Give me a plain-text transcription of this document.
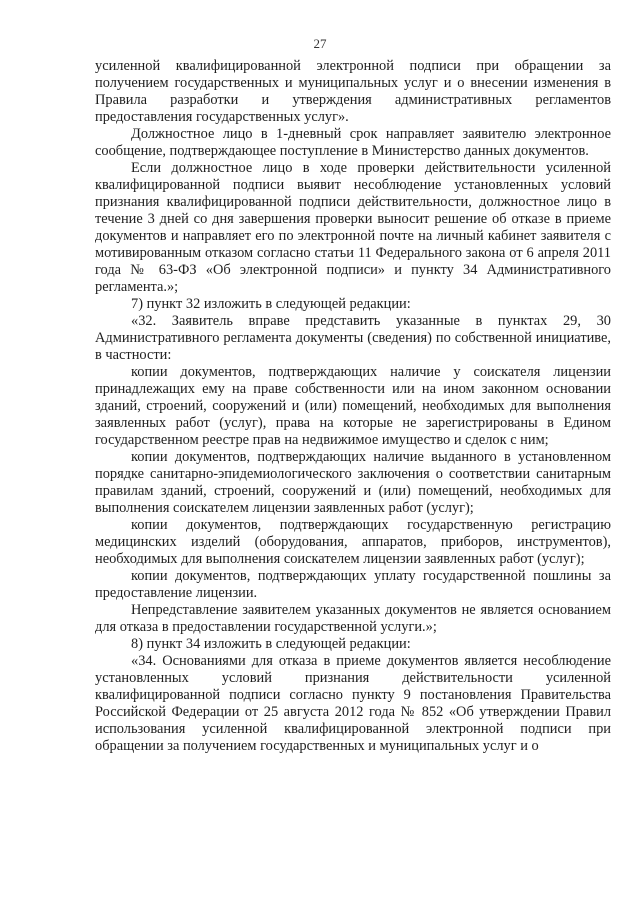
27

усиленной квалифицированной электронной подписи при обращении за получением государственных и муниципальных услуг и о внесении изменения в Правила разработки и утверждения административных регламентов предоставления государственных услуг».

Должностное лицо в 1-дневный срок направляет заявителю электронное сообщение, подтверждающее поступление в Министерство данных документов.

Если должностное лицо в ходе проверки действительности усиленной квалифицированной подписи выявит несоблюдение установленных условий признания квалифицированной подписи действительности, должностное лицо в течение 3 дней со дня завершения проверки выносит решение об отказе в приеме документов и направляет его по электронной почте на личный кабинет заявителя с мотивированным отказом согласно статьи 11 Федерального закона от 6 апреля 2011 года № 63-ФЗ «Об электронной подписи» и пункту 34 Административного регламента.»;

7) пункт 32 изложить в следующей редакции:

«32. Заявитель вправе представить указанные в пунктах 29, 30 Административного регламента документы (сведения) по собственной инициативе, в частности:

копии документов, подтверждающих наличие у соискателя лицензии принадлежащих ему на праве собственности или на ином законном основании зданий, строений, сооружений и (или) помещений, необходимых для выполнения заявленных работ (услуг), права на которые не зарегистрированы в Едином государственном реестре прав на недвижимое имущество и сделок с ним;

копии документов, подтверждающих наличие выданного в установленном порядке санитарно-эпидемиологического заключения о соответствии санитарным правилам зданий, строений, сооружений и (или) помещений, необходимых для выполнения соискателем лицензии заявленных работ (услуг);

копии документов, подтверждающих государственную регистрацию медицинских изделий (оборудования, аппаратов, приборов, инструментов), необходимых для выполнения соискателем лицензии заявленных работ (услуг);

копии документов, подтверждающих уплату государственной пошлины за предоставление лицензии.

Непредставление заявителем указанных документов не является основанием для отказа в предоставлении государственной услуги.»;

8) пункт 34 изложить в следующей редакции:

«34. Основаниями для отказа в приеме документов является несоблюдение установленных условий признания действительности усиленной квалифицированной подписи согласно пункту 9 постановления Правительства Российской Федерации от 25 августа 2012 года № 852 «Об утверждении Правил использования усиленной квалифицированной электронной подписи при обращении за получением государственных и муниципальных услуг и о
